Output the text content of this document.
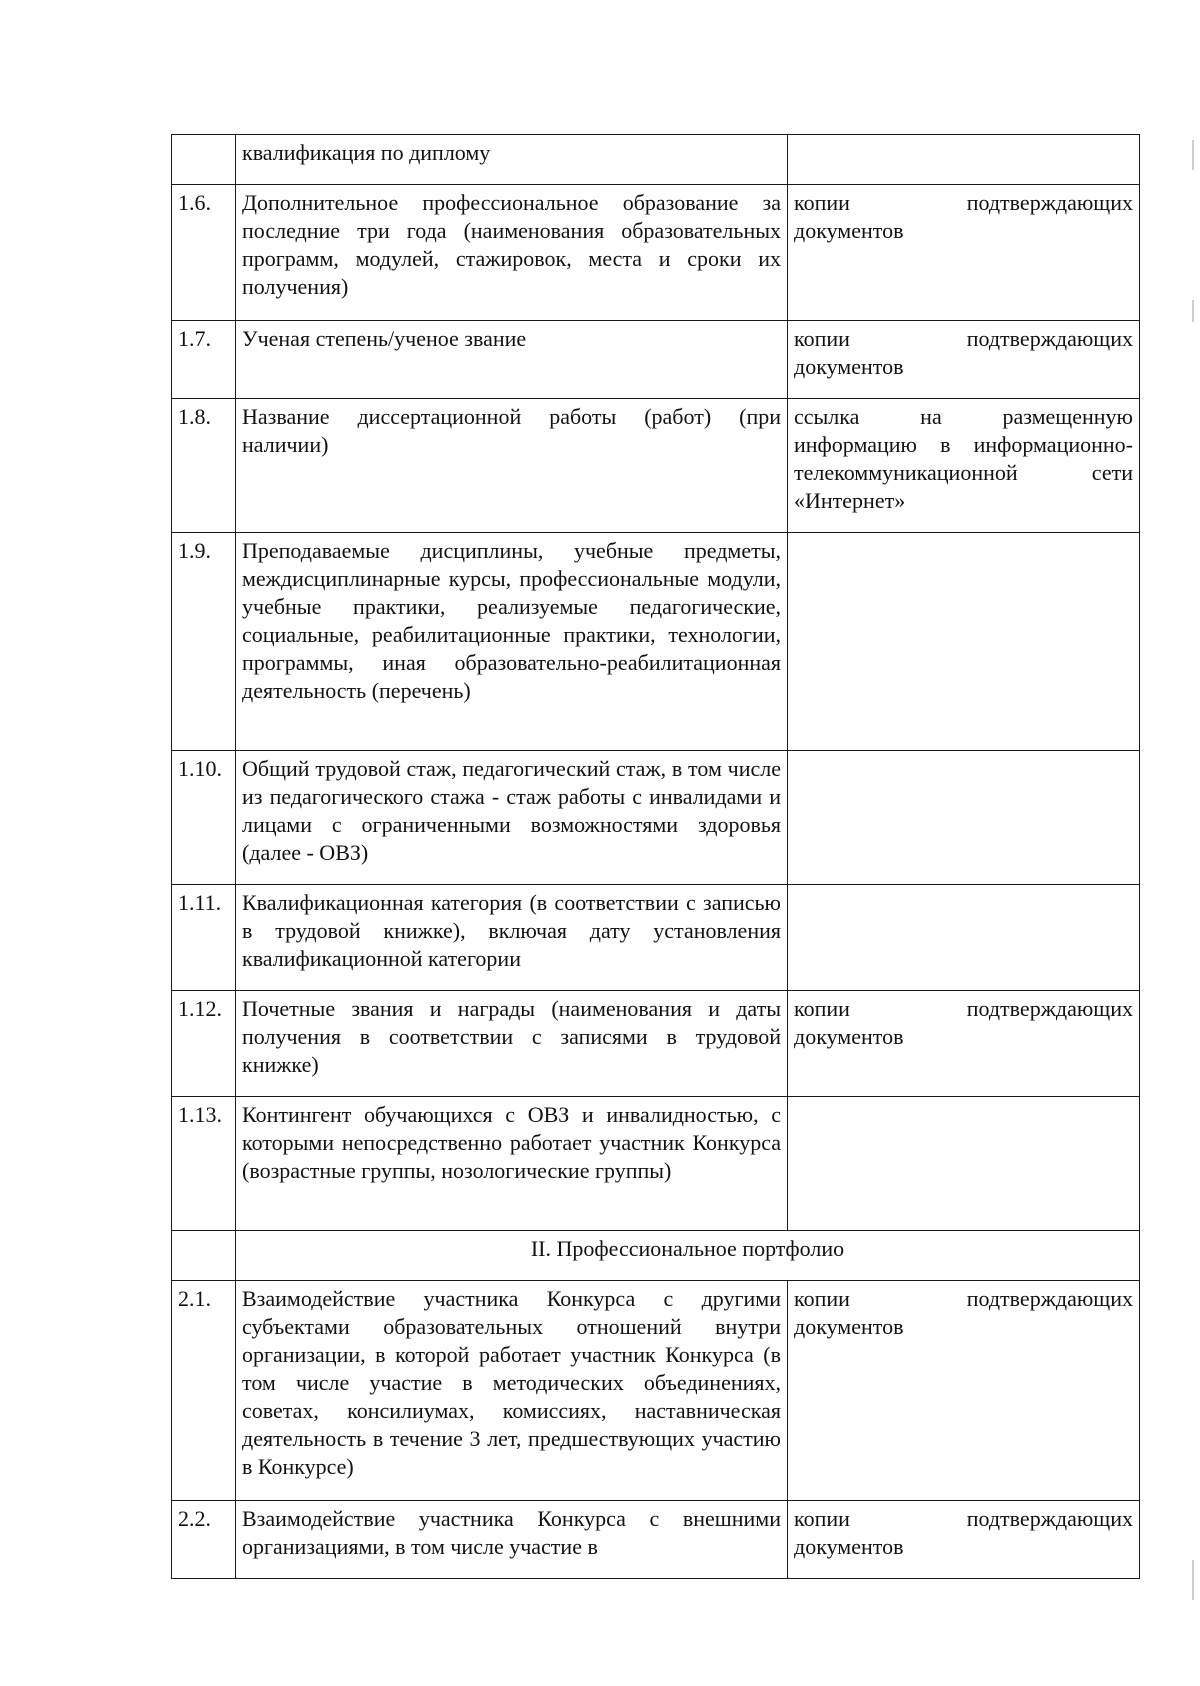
	квалификация по диплому	
1.6.	Дополнительное профессиональное образование за последние три года (наименования образовательных программ, модулей, стажировок, места и сроки их получения)	копии подтверждающих документов
1.7.	Ученая степень/ученое звание	копии подтверждающих документов
1.8.	Название диссертационной работы (работ) (при наличии)	ссылка на размещенную информацию в информационно-телекоммуникационной сети «Интернет»
1.9.	Преподаваемые дисциплины, учебные предметы, междисциплинарные курсы, профессиональные модули, учебные практики, реализуемые педагогические, социальные, реабилитационные практики, технологии, программы, иная образовательно-реабилитационная деятельность (перечень)	
1.10.	Общий трудовой стаж, педагогический стаж, в том числе из педагогического стажа - стаж работы с инвалидами и лицами с ограниченными возможностями здоровья (далее - ОВЗ)	
1.11.	Квалификационная категория (в соответствии с записью в трудовой книжке), включая дату установления квалификационной категории	
1.12.	Почетные звания и награды (наименования и даты получения в соответствии с записями в трудовой книжке)	копии подтверждающих документов
1.13.	Контингент обучающихся с ОВЗ и инвалидностью, с которыми непосредственно работает участник Конкурса (возрастные группы, нозологические группы)	
	II. Профессиональное портфолио	
2.1.	Взаимодействие участника Конкурса с другими субъектами образовательных отношений внутри организации, в которой работает участник Конкурса (в том числе участие в методических объединениях, советах, консилиумах, комиссиях, наставническая деятельность в течение 3 лет, предшествующих участию в Конкурсе)	копии подтверждающих документов
2.2.	Взаимодействие участника Конкурса с внешними организациями, в том числе участие в	копии подтверждающих документов
